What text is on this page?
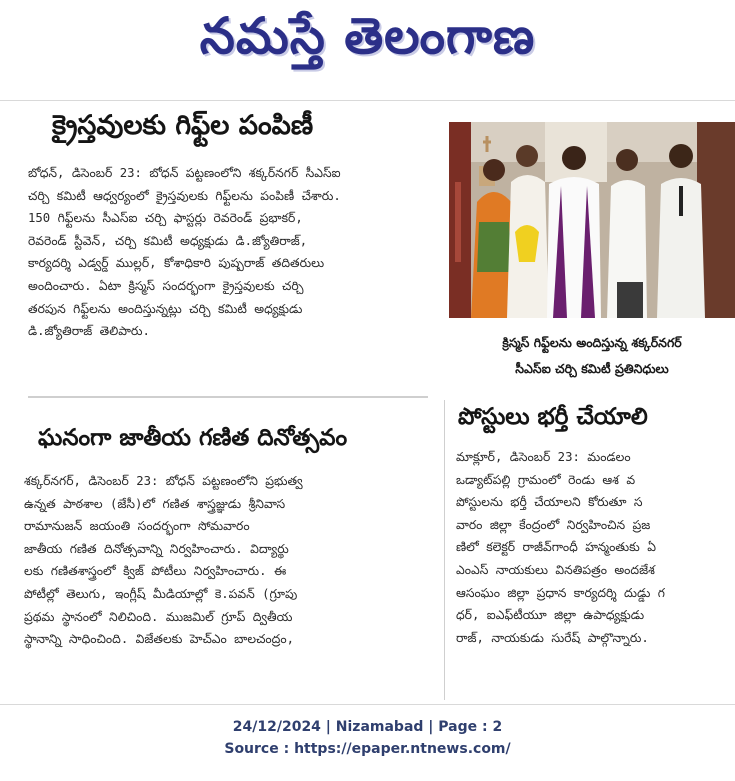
నమస్తే తెలంగాణ
క్రైస్తవులకు గిఫ్ట్‌ల పంపిణీ
బోధన్, డిసెంబర్ 23: బోధన్ పట్టణంలోని శక్కర్‌నగర్ సీఎస్ఐ
చర్చి కమిటీ ఆధ్వర్యంలో క్రైస్తవులకు గిఫ్ట్‌లను పంపిణీ చేశారు.
150 గిఫ్ట్‌లను సీఎస్ఐ చర్చి ఫాస్టర్లు రెవరెండ్ ప్రభాకర్,
రెవరెండ్ స్టీవెన్, చర్చి కమిటీ అధ్యక్షుడు డి.జ్యోతిరాజ్,
కార్యదర్శి ఎడ్వర్డ్ ముల్లర్, కోశాధికారి పుష్పరాజ్ తదితరులు
అందించారు. ఏటా క్రిస్మస్ సందర్భంగా క్రైస్తవులకు చర్చి
తరపున గిఫ్ట్‌లను అందిస్తున్నట్లు చర్చి కమిటీ అధ్యక్షుడు
డి.జ్యోతిరాజ్ తెలిపారు.
క్రిస్మస్ గిఫ్ట్‌లను అందిస్తున్న శక్కర్‌నగర్
సీఎస్ఐ చర్చి కమిటీ ప్రతినిధులు
ఘనంగా జాతీయ గణిత దినోత్సవం
శక్కర్‌నగర్, డిసెంబర్ 23: బోధన్ పట్టణంలోని ప్రభుత్వ
ఉన్నత పాఠశాల (జేసీ)లో గణిత శాస్త్రజ్ఞుడు శ్రీనివాస
రామానుజన్ జయంతి సందర్భంగా సోమవారం
జాతీయ గణిత దినోత్సవాన్ని నిర్వహించారు. విద్యార్థు
లకు గణితశాస్త్రంలో క్విజ్ పోటీలు నిర్వహించారు. ఈ
పోటీల్లో తెలుగు, ఇంగ్లీష్ మీడియాల్లో కె.పవన్ (గ్రూపు
ప్రథమ స్థానంలో నిలిచింది. ముజమిల్ గ్రూప్ ద్వితీయ
స్థానాన్ని సాధించింది. విజేతలకు హెచ్ఎం బాలచంద్రం,
పోస్టులు భర్తీ చేయాలి
మాక్లూర్, డిసెంబర్ 23: మండలం
ఒడ్యాట్‌పల్లి గ్రామంలో రెండు ఆశ వ
పోస్టులను భర్తీ చేయాలని కోరుతూ స
వారం జిల్లా కేంద్రంలో నిర్వహించిన ప్రజ
ణిలో కలెక్టర్ రాజీవ్‌గాంధీ హన్మంతుకు ఏ
ఎంఎస్ నాయకులు వినతిపత్రం అందజేశ
ఆసంఘం జిల్లా ప్రధాన కార్యదర్శి దుడ్డు గ
ధర్, ఐఎఫ్‌టీయూ జిల్లా ఉపాధ్యక్షుడు
రాజ్, నాయకుడు సురేష్ పాల్గొన్నారు.
24/12/2024 | Nizamabad | Page : 2
Source : https://epaper.ntnews.com/
